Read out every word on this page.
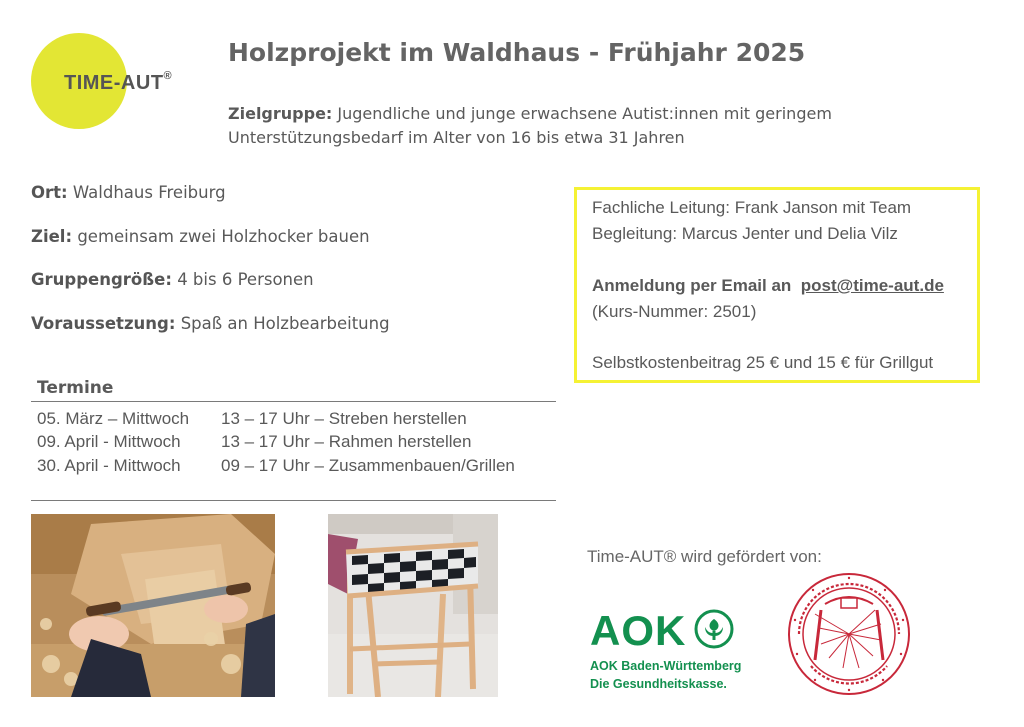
TIME-AUT®
Holzprojekt im Waldhaus - Frühjahr 2025
Zielgruppe: Jugendliche und junge erwachsene Autist:innen mit geringem Unterstützungsbedarf im Alter von 16 bis etwa 31 Jahren
Ort: Waldhaus Freiburg
Ziel: gemeinsam zwei Holzhocker bauen
Gruppengröße: 4 bis 6 Personen
Voraussetzung: Spaß an Holzbearbeitung
Fachliche Leitung: Frank Janson mit Team
Begleitung: Marcus Jenter und Delia Vilz
Anmeldung per Email an post@time-aut.de
(Kurs-Nummer: 2501)
Selbstkostenbeitrag 25 € und 15 € für Grillgut
Termine
05. März – Mittwoch 13 – 17 Uhr – Streben herstellen
09. April - Mittwoch 13 – 17 Uhr – Rahmen herstellen
30. April - Mittwoch 09 – 17 Uhr – Zusammenbauen/Grillen
Time-AUT® wird gefördert von:
AOK
AOK Baden-Württemberg
Die Gesundheitskasse.
